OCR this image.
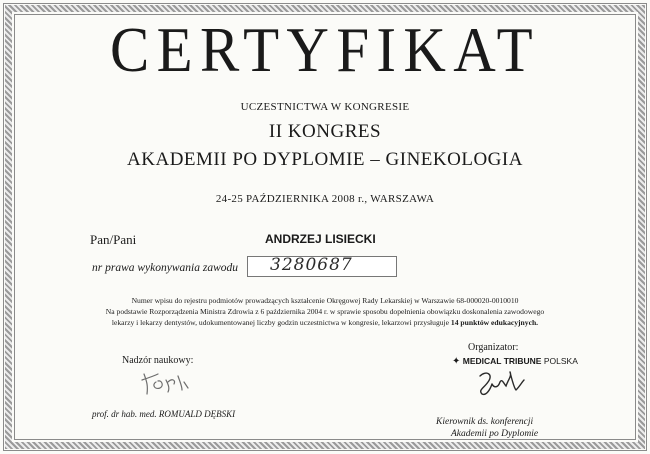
CERTYFIKAT
UCZESTNICTWA W KONGRESIE
II KONGRES
AKADEMII PO DYPLOMIE – GINEKOLOGIA
24-25 PAŹDZIERNIKA 2008 r., WARSZAWA
Pan/Pani	ANDRZEJ LISIECKI
nr prawa wykonywania zawodu 3280687
Numer wpisu do rejestru podmiotów prowadzących kształcenie Okręgowej Rady Lekarskiej w Warszawie 68-000020-0010010
Na podstawie Rozporządzenia Ministra Zdrowia z 6 października 2004 r. w sprawie sposobu dopełnienia obowiązku doskonalenia zawodowego
lekarzy i lekarzy dentystów, udokumentowanej liczby godzin uczestnictwa w kongresie, lekarzowi przysługuje 14 punktów edukacyjnych.
Nadzór naukowy:
prof. dr hab. med. ROMUALD DĘBSKI
Organizator:
✦ MEDICAL TRIBUNE POLSKA
Kierownik ds. konferencji
Akademii po Dyplomie
